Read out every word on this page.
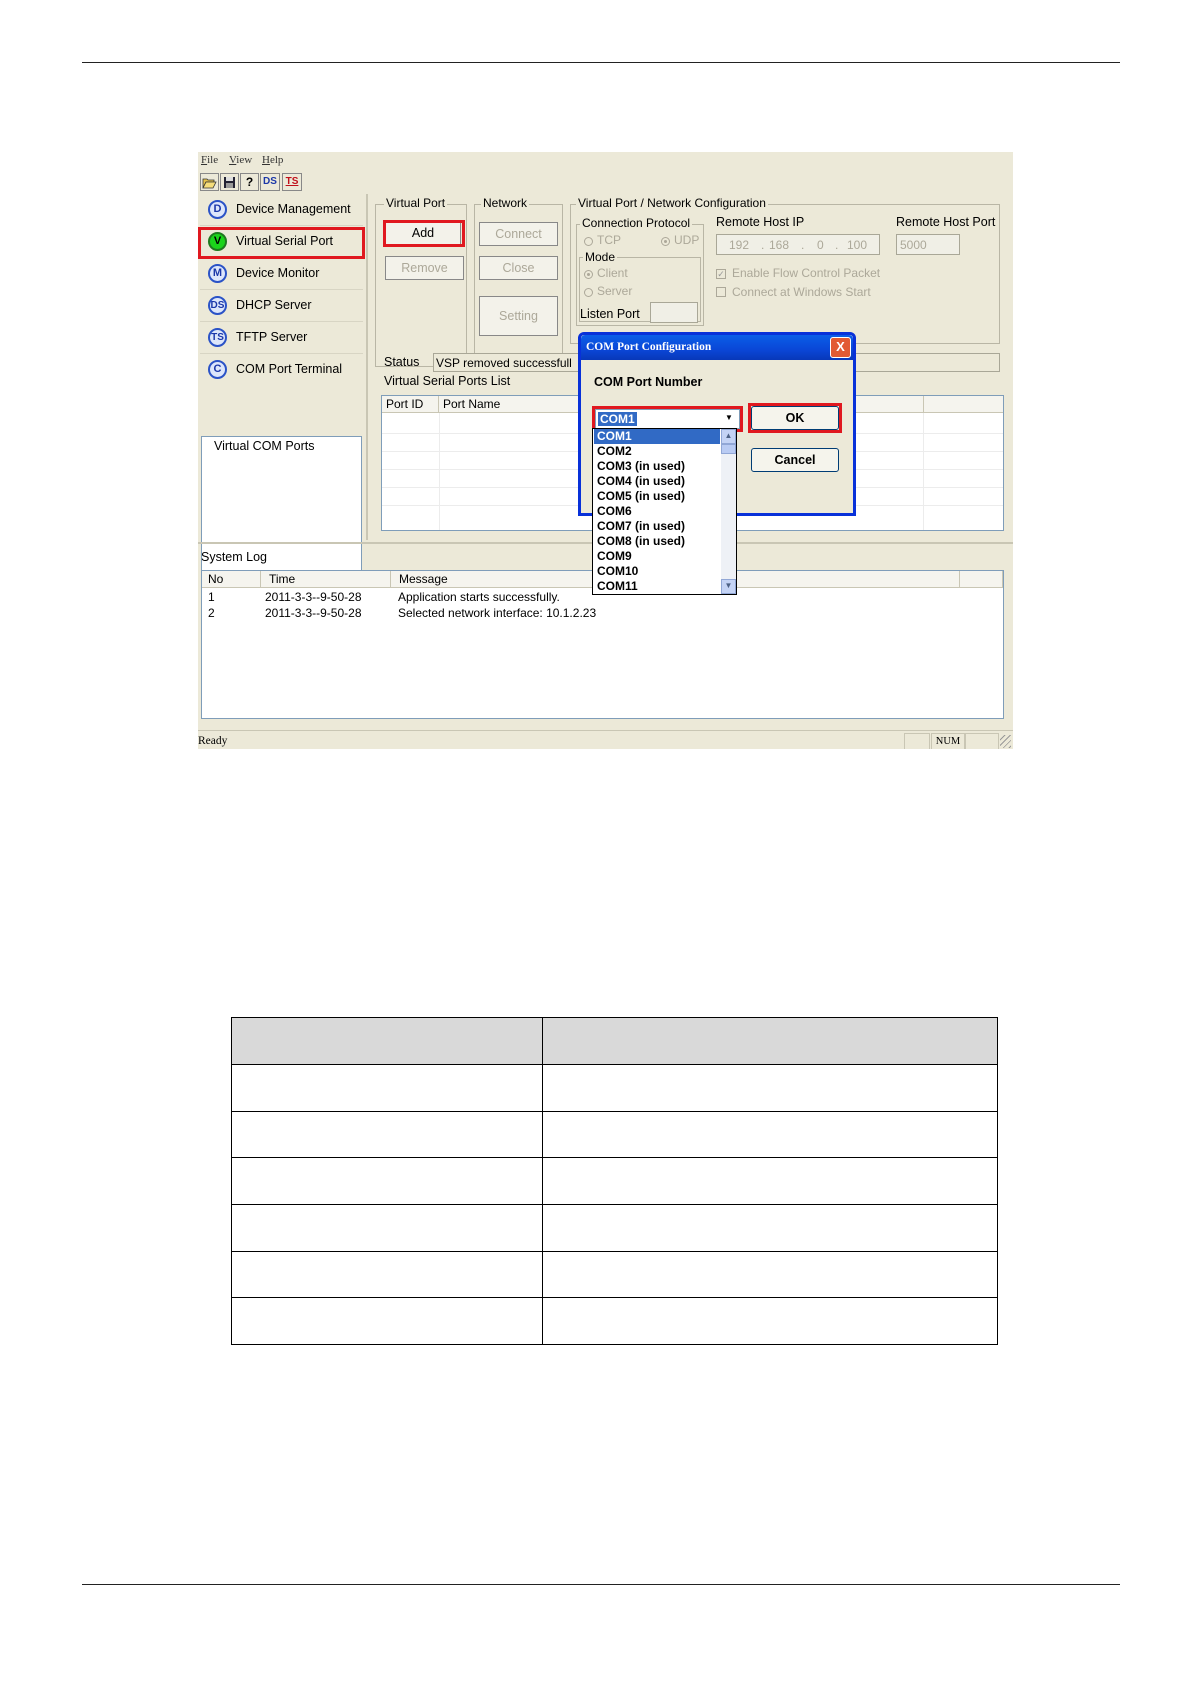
File View Help
? DS TS
D	Device Management
V	Virtual Serial Port
M	Device Monitor
DS DHCP Server
TS TFTP Server
C	COM Port Terminal
Virtual COM Ports
Virtual Port
Add
Remove
Network
Connect
Close
Setting
Virtual Port / Network Configuration
Connection Protocol
TCP	UDP
Mode
Client
Server
Listen Port
Remote Host IP
192 . 168 . 0 . 100
Remote Host Port
5000
✓ Enable Flow Control Packet
Connect at Windows Start
Status VSP removed successfull
Virtual Serial Ports List
Port ID	Port Name
System Log
No	Time	Message
1	2011-3-3--9-50-28	Application starts successfully.
2	2011-3-3--9-50-28	Selected network interface: 10.1.2.23
Ready	NUM
COM Port Configuration	X
COM Port Number
COM1	▼	OK
Cancel
COM1
COM2
COM3 (in used)
COM4 (in used)
COM5 (in used)
COM6
COM7 (in used)
COM8 (in used)
COM9
COM10
COM11
▲
▼
